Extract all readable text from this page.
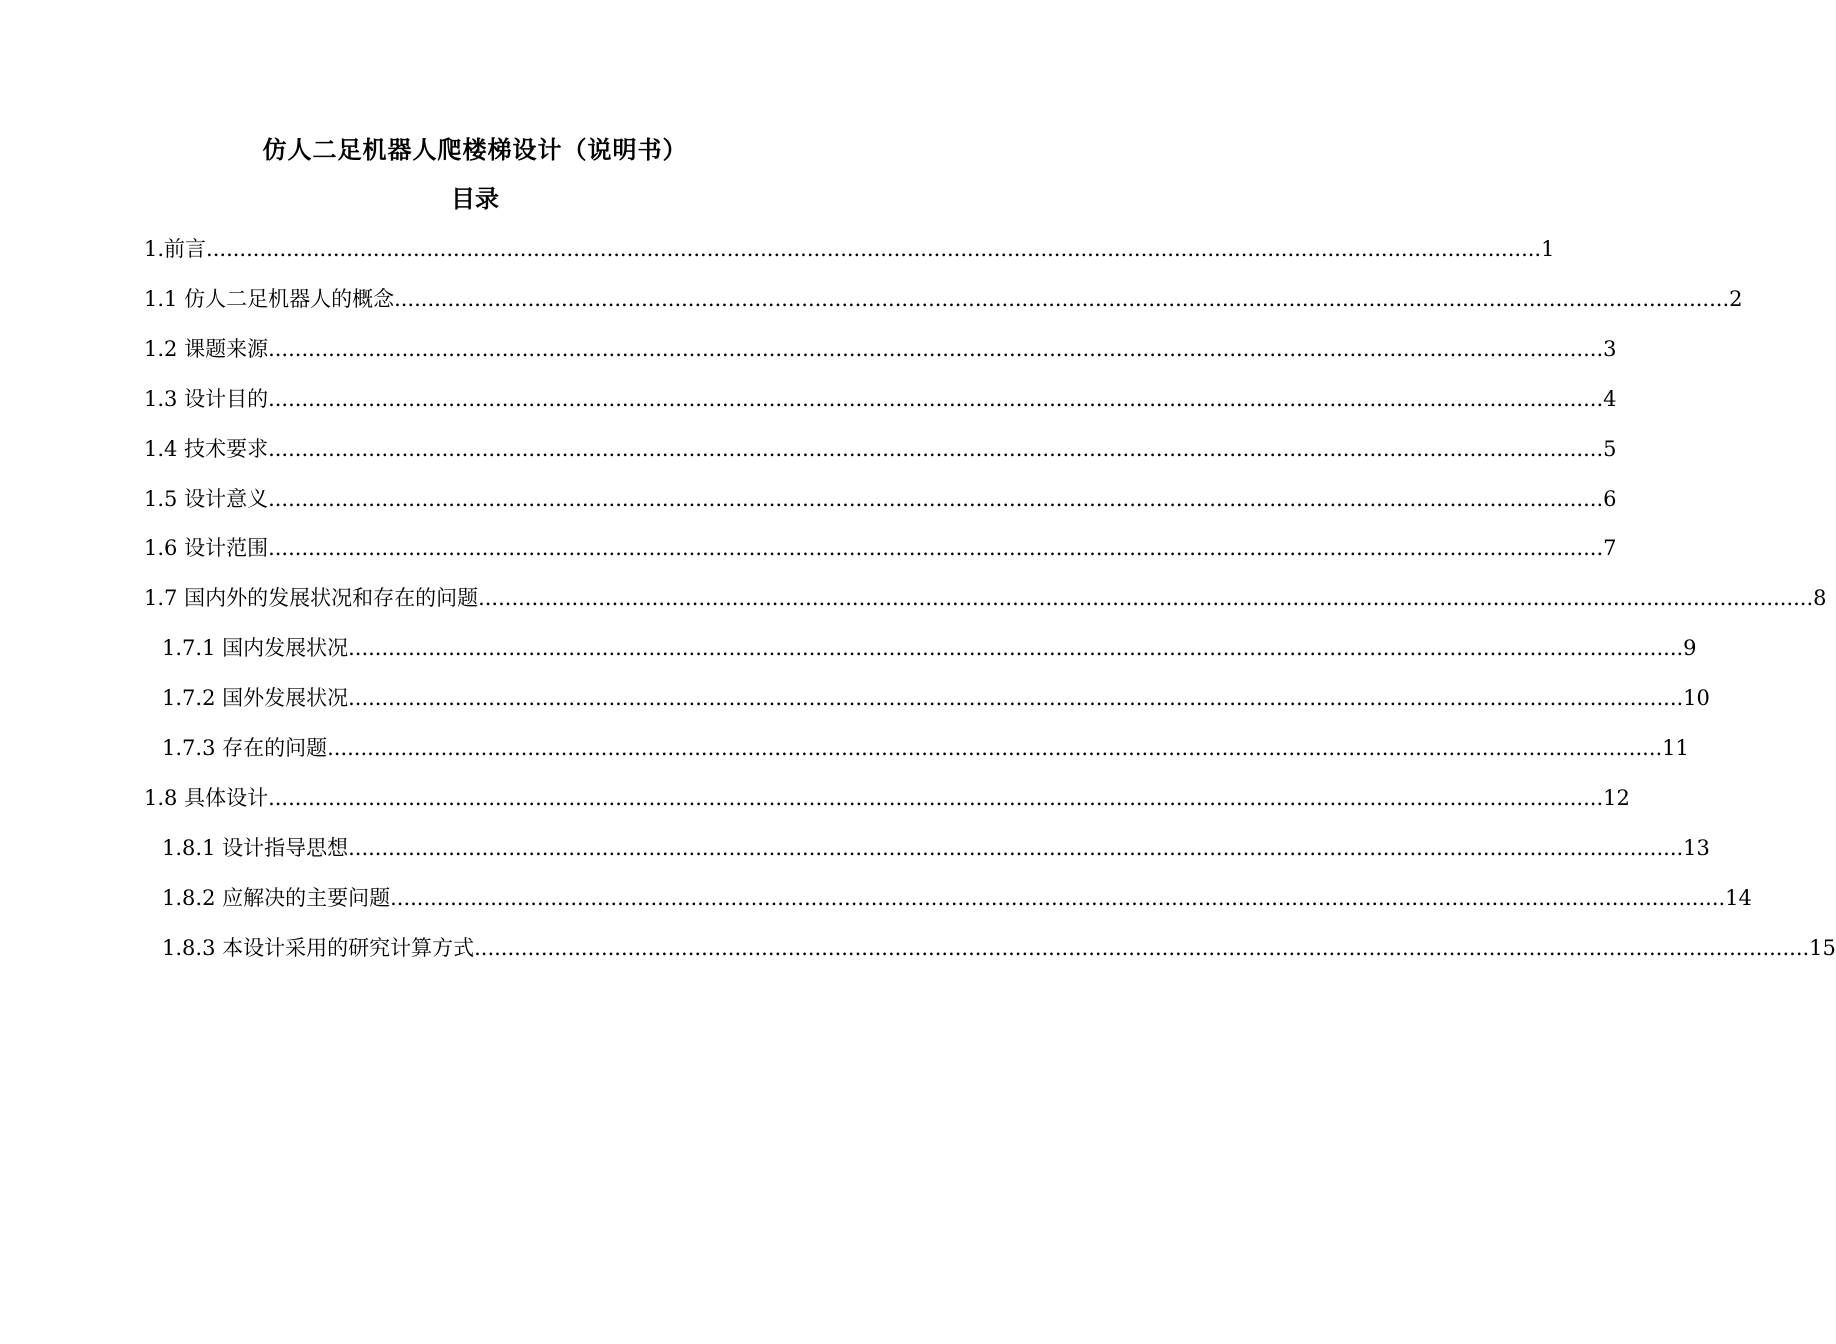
仿人二足机器人爬楼梯设计（说明书）
目录
1.前言 ........................................................................................................................................................................................................ 1
1.1 仿人二足机器人的概念 ........................................................................................................................................................................................................ 2
1.2 课题来源 ........................................................................................................................................................................................................ 3
1.3 设计目的 ........................................................................................................................................................................................................ 4
1.4 技术要求 ........................................................................................................................................................................................................ 5
1.5 设计意义 ........................................................................................................................................................................................................ 6
1.6 设计范围 ........................................................................................................................................................................................................ 7
1.7 国内外的发展状况和存在的问题 ........................................................................................................................................................................................................ 8
1.7.1 国内发展状况 ........................................................................................................................................................................................................ 9
1.7.2 国外发展状况 ........................................................................................................................................................................................................ 10
1.7.3 存在的问题 ........................................................................................................................................................................................................ 11
1.8 具体设计 ........................................................................................................................................................................................................ 12
1.8.1 设计指导思想 ........................................................................................................................................................................................................ 13
1.8.2 应解决的主要问题 ........................................................................................................................................................................................................ 14
1.8.3 本设计采用的研究计算方式 ........................................................................................................................................................................................................ 15
